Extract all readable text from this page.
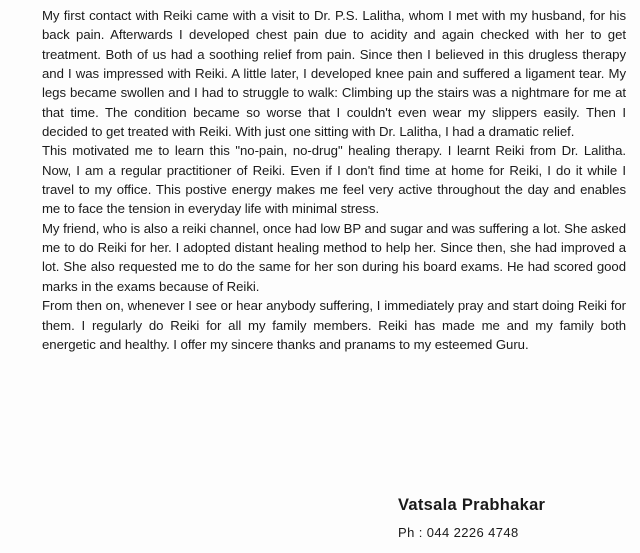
My first contact with Reiki came with a visit to Dr. P.S. Lalitha, whom I met with my husband, for his back pain. Afterwards I developed chest pain due to acidity and again checked with her to get treatment. Both of us had a soothing relief from pain. Since then I believed in this drugless therapy and I was impressed with Reiki. A little later, I developed knee pain and suffered a ligament tear. My legs became swollen and I had to struggle to walk: Climbing up the stairs was a nightmare for me at that time. The condition became so worse that I couldn't even wear my slippers easily. Then I decided to get treated with Reiki. With just one sitting with Dr. Lalitha, I had a dramatic relief.

This motivated me to learn this "no-pain, no-drug" healing therapy. I learnt Reiki from Dr. Lalitha. Now, I am a regular practitioner of Reiki. Even if I don't find time at home for Reiki, I do it while I travel to my office. This postive energy makes me feel very active throughout the day and enables me to face the tension in everyday life with minimal stress.

My friend, who is also a reiki channel, once had low BP and sugar and was suffering a lot. She asked me to do Reiki for her. I adopted distant healing method to help her. Since then, she had improved a lot. She also requested me to do the same for her son during his board exams. He had scored good marks in the exams because of Reiki.

From then on, whenever I see or hear anybody suffering, I immediately pray and start doing Reiki for them. I regularly do Reiki for all my family members. Reiki has made me and my family both energetic and healthy. I offer my sincere thanks and pranams to my esteemed Guru.

Vatsala Prabhakar

Ph : 044 2226 4748
